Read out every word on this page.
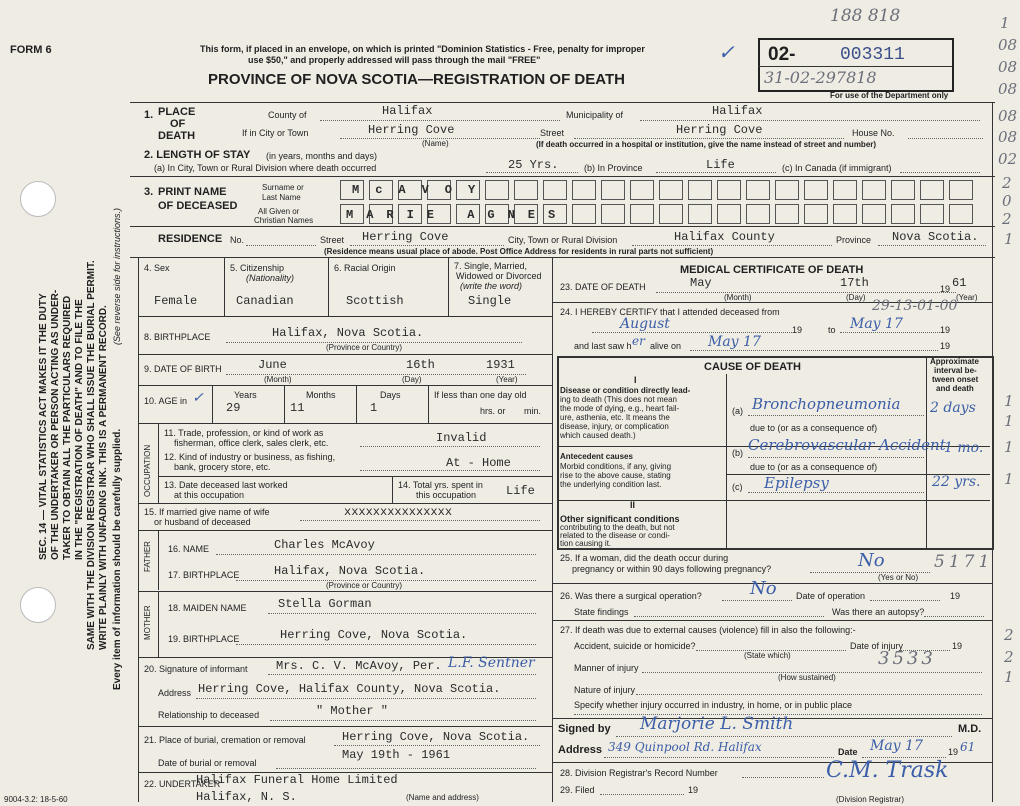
FORM 6	This form, if placed in an envelope, on which is printed "Dominion Statistics - Free, penalty for improper
use $50," and properly addressed will pass through the mail "FREE"
PROVINCE OF NOVA SCOTIA—REGISTRATION OF DEATH
✓
188 818
02- 003311
31-02-297818
For use of the Department only
SEC. 14 — VITAL STATISTICS ACT MAKES IT THE DUTY OF THE UNDERTAKER OR PERSON ACTING AS UNDER- TAKER TO OBTAIN ALL THE PARTICULARS REQUIRED IN THE "REGISTRATION OF DEATH" AND TO FILE THE SAME WITH THE DIVISION REGISTRAR WHO SHALL ISSUE THE BURIAL PERMIT. WRITE PLAINLY WITH UNFADING INK. THIS IS A PERMANENT RECORD.
(See reverse side for instructions.)
Every item of information should be carefully supplied.
9004-3.2: 18-5-60
1
08
08
08
08
08
02
2
0
2
1
1
1
1
1
2
2
1
1. PLACE
OF
DEATH
County of	Halifax	Municipality of	Halifax
If in City or Town	Herring Cove
(Name)
Street	Herring Cove	House No.
(If death occurred in a hospital or institution, give the name instead of street and number)
2. LENGTH OF STAY (in years, months and days)
(a) In City, Town or Rural Division where death occurred	25 Yrs.	(b) In Province	Life	(c) In Canada (if immigrant)
3. PRINT NAME
OF DECEASED
Surname or
Last Name
All Given or
Christian Names
McAVOY
MARIE AGNES
RESIDENCE No.	Street Herring Cove	City, Town or Rural Division	Halifax County	Province Nova Scotia.
(Residence means usual place of abode. Post Office Address for residents in rural parts not sufficient)
4. Sex
Female
5. Citizenship
(Nationality)
Canadian
6. Racial Origin
Scottish
7. Single, Married,
Widowed or Divorced
(write the word)
Single
8. BIRTHPLACE	Halifax, Nova Scotia.
(Province or Country)
9. DATE OF BIRTH	June	16th	1931
(Month)	(Day)	(Year)
10. AGE in ✓	Years
29
Months
11
Days
1
If less than one day old
hrs. or min.
OCCUPATION
11. Trade, profession, or kind of work as
fisherman, office clerk, sales clerk, etc.	Invalid
12. Kind of industry or business, as fishing,
bank, grocery store, etc.	At - Home
13. Date deceased last worked
at this occupation
14. Total yrs. spent in
this occupation Life
15. If married give name of wife
or husband of deceased
xxxxxxxxxxxxxxx
FATHER 16. NAME	Charles McAvoy
17. BIRTHPLACE	Halifax, Nova Scotia.
(Province or Country)
MOTHER 18. MAIDEN NAME	Stella Gorman
19. BIRTHPLACE	Herring Cove, Nova Scotia.
20. Signature of informant Mrs. C. V. McAvoy, Per. L.F. Sentner
Address Herring Cove, Halifax County, Nova Scotia.
Relationship to deceased	" Mother "
21. Place of burial, cremation or removal	Herring Cove, Nova Scotia.
Date of burial or removal
May 19th - 1961
22. UNDERTAKER
Halifax Funeral Home Limited
Halifax, N. S.	(Name and address)
MEDICAL CERTIFICATE OF DEATH
23. DATE OF DEATH	May	17th	19 61
(Month)	(Day)	(Year)
24. I HEREBY CERTIFY that I attended deceased from	29-13-01-00
August	19	to May 17	19
and last saw h er alive on May 17	19
CAUSE OF DEATH	Approximate
interval be-
tween onset
and death
I
Disease or condition directly lead-
ing to death (This does not mean
the mode of dying, e.g., heart fail-
ure, asthenia, etc. It means the
disease, injury, or complication
which caused death.)
(a) Bronchopneumonia 2 days
due to (or as a consequence of)
Antecedent causes
Morbid conditions, if any, giving
rise to the above cause, stating
the underlying condition last.
(b) Cerebrovascular Accident
1 mo.
due to (or as a consequence of)
(c) Epilepsy	22 yrs.
II
Other significant conditions
contributing to the death, but not
related to the disease or condi-
tion causing it.
25. If a woman, did the death occur during
pregnancy or within 90 days following pregnancy?	No	5171
(Yes or No)
26. Was there a surgical operation?	No Date of operation	19
State findings	Was there an autopsy?
27. If death was due to external causes (violence) fill in also the following:-
Accident, suicide or homicide?	Date of injury	19
(State which)
Manner of injury	3533
(How sustained)
Nature of injury
Specify whether injury occurred in industry, in home, or in public place
Signed by Marjorie L. Smith	M.D.
Address 349 Quinpool Rd. Halifax	Date May 17	19 61
28. Division Registrar's Record Number
29. Filed	19
C.M. Trask
(Division Registrar)
